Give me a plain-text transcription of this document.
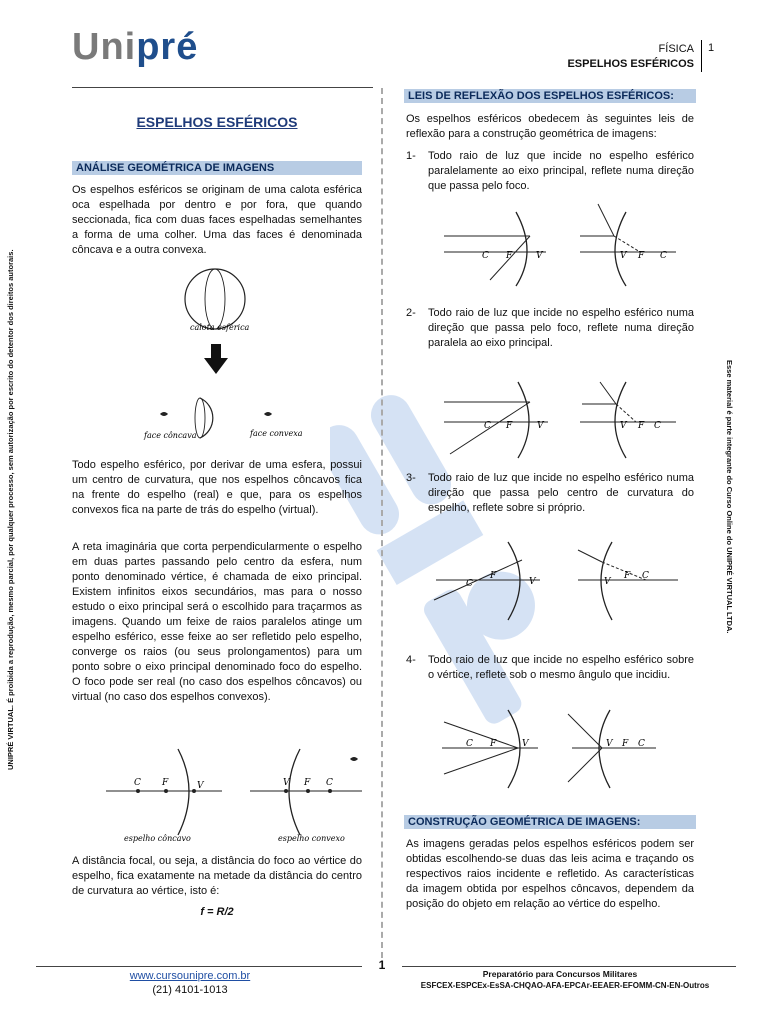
Unipré	FÍSICA
ESPELHOS ESFÉRICOS
1
UNIPRÉ VIRTUAL. É proibida a reprodução, mesmo parcial, por qualquer processo, sem autorização por escrito do detentor dos direitos autorais.	Esse material é parte integrante do Curso Online do UNIPRÉ VIRTUAL LTDA.
ESPELHOS ESFÉRICOS
ANÁLISE GEOMÉTRICA DE IMAGENS
Os espelhos esféricos se originam de uma calota esférica oca espelhada por dentro e por fora, que quando seccionada, fica com duas faces espelhadas semelhantes a forma de uma colher. Uma das faces é denominada côncava e a outra convexa.
calota esférica
face côncava	face convexa
Todo espelho esférico, por derivar de uma esfera, possui um centro de curvatura, que nos espelhos côncavos fica na frente do espelho (real) e que, para os espelhos convexos fica na parte de trás do espelho (virtual).
A reta imaginária que corta perpendicularmente o espelho em duas partes passando pelo centro da esfera, num ponto denominado vértice, é chamada de eixo principal. Existem infinitos eixos secundários, mas para o nosso estudo o eixo principal será o escolhido para traçarmos as imagens. Quando um feixe de raios paralelos atinge um espelho esférico, esse feixe ao ser refletido pelo espelho, converge os raios (ou seus prolongamentos) para um ponto sobre o eixo principal denominado foco do espelho. O foco pode ser real (no caso dos espelhos côncavos) ou virtual (no caso dos espelhos convexos).
C F	V
espelho côncavo
V F C
espelho convexo
A distância focal, ou seja, a distância do foco ao vértice do espelho, fica exatamente na metade da distância do centro de curvatura ao vértice, isto é:
f = R/2
LEIS DE REFLEXÃO DOS ESPELHOS ESFÉRICOS:
Os espelhos esféricos obedecem às seguintes leis de reflexão para a construção geométrica de imagens:
1- Todo raio de luz que incide no espelho esférico paralelamente ao eixo principal, reflete numa direção que passa pelo foco.
C F	V	V F C
2- Todo raio de luz que incide no espelho esférico numa direção que passa pelo foco, reflete numa direção paralela ao eixo principal.
C F	V	V F C
3- Todo raio de luz que incide no espelho esférico numa direção que passa pelo centro de curvatura do espelho, reflete sobre si próprio.
C
F
V	V
F C
4- Todo raio de luz que incide no espelho esférico sobre o vértice, reflete sob o mesmo ângulo que incidiu.
C F	V	V F C
CONSTRUÇÃO GEOMÉTRICA DE IMAGENS:
As imagens geradas pelos espelhos esféricos podem ser obtidas escolhendo-se duas das leis acima e traçando os respectivos raios incidente e refletido. As características da imagem obtida por espelhos côncavos, dependem da posição do objeto em relação ao vértice do espelho.
1
www.cursounipre.com.br
(21) 4101-1013
Preparatório para Concursos Militares
ESFCEX-ESPCEx-EsSA-CHQAO-AFA-EPCAr-EEAER-EFOMM-CN-EN-Outros
